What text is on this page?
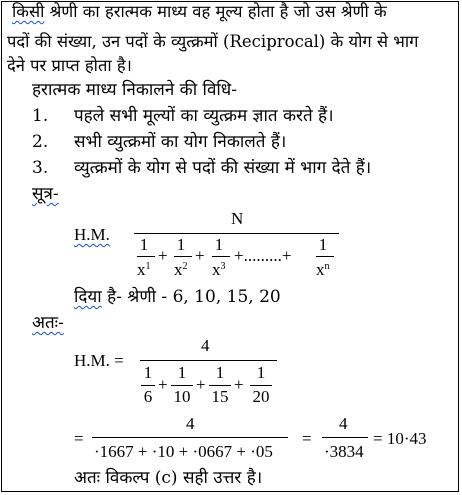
किसी श्रेणी का हरात्मक माध्य वह मूल्य होता है जो उस श्रेणी के
पदों की संख्या, उन पदों के व्युत्क्रमों (Reciprocal) के योग से भाग
देने पर प्राप्त होता है।
हरात्मक माध्य निकालने की विधि-
1. पहले सभी मूल्यों का व्युत्क्रम ज्ञात करते हैं।
2. सभी व्युत्क्रमों का योग निकालते हैं।
3. व्युत्क्रमों के योग से पदों की संख्या में भाग देते हैं।
सूत्र-
H.M.
N
1
$x^1$
+
1
$x^2$
+
1
$x^3$
+.........+
1
$x^n$
दिया है- श्रेणी - 6, 10, 15, 20
अतः-
H.M. =
4
1
6
+
1
10
+
1
15
+
1
20
=
4
·1667 + ·10 + ·0667 + ·05
=
4
·3834
= 10·43
अतः विकल्प (c) सही उत्तर है।
